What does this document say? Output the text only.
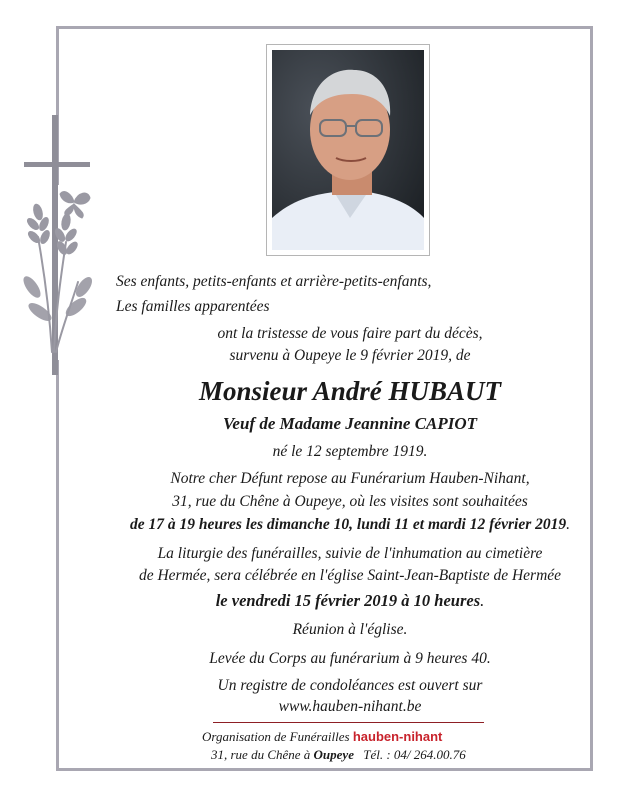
Ses enfants, petits-enfants et arrière-petits-enfants,
Les familles apparentées
ont la tristesse de vous faire part du décès,
survenu à Oupeye le 9 février 2019, de
Monsieur André HUBAUT
Veuf de Madame Jeannine CAPIOT
né le 12 septembre 1919.
Notre cher Défunt repose au Funérarium Hauben-Nihant,
31, rue du Chêne à Oupeye, où les visites sont souhaitées
de 17 à 19 heures les dimanche 10, lundi 11 et mardi 12 février 2019.
La liturgie des funérailles, suivie de l'inhumation au cimetière
de Hermée, sera célébrée en l'église Saint-Jean-Baptiste de Hermée
le vendredi 15 février 2019 à 10 heures.
Réunion à l'église.
Levée du Corps au funérarium à 9 heures 40.
Un registre de condoléances est ouvert sur
www.hauben-nihant.be
Organisation de Funérailles hauben-nihant
31, rue du Chêne à Oupeye Tél. : 04/ 264.00.76
